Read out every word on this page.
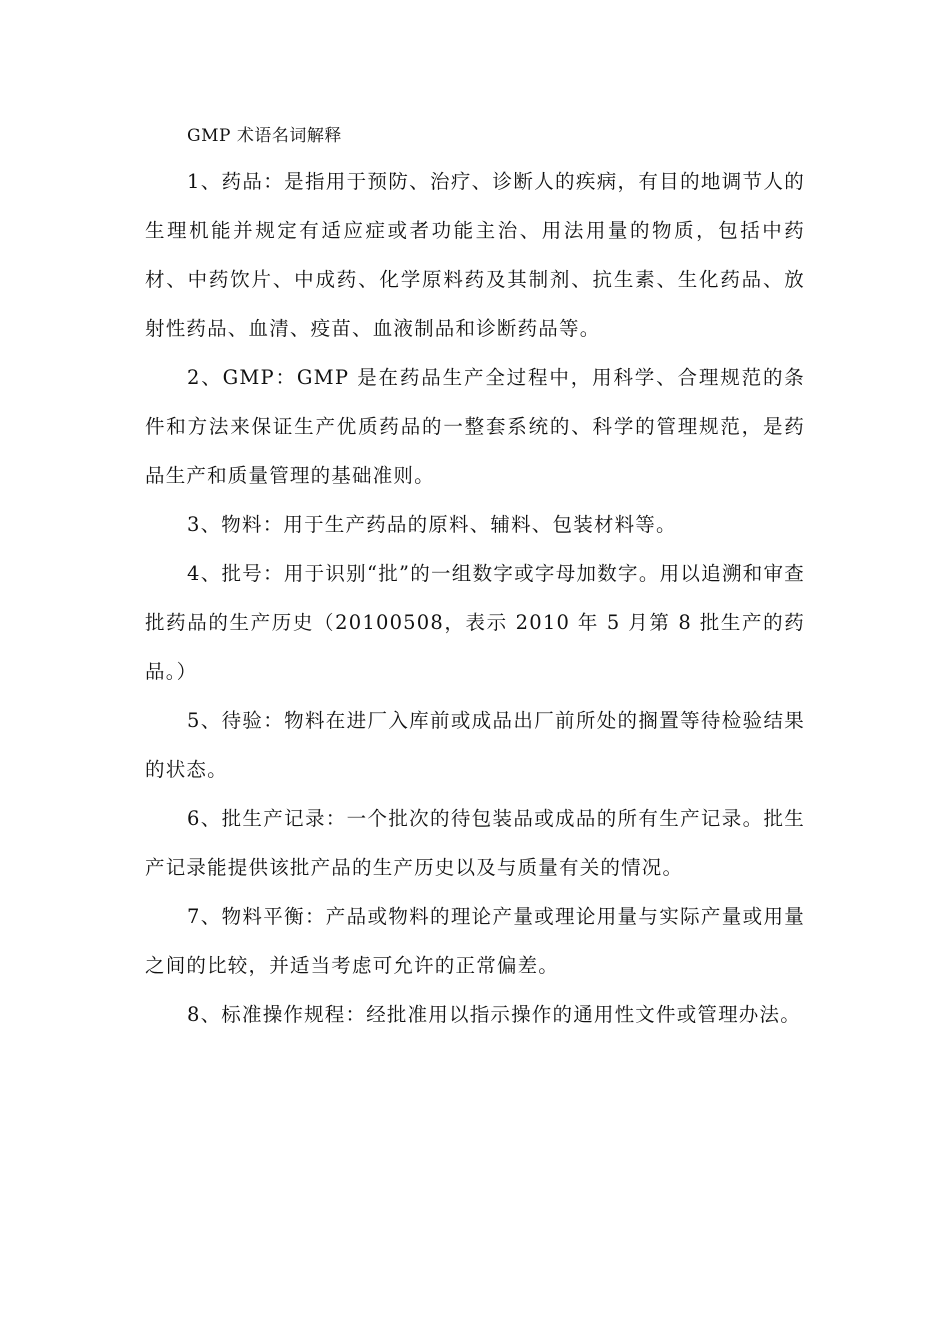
GMP 术语名词解释

1、药品：是指用于预防、治疗、诊断人的疾病，有目的地调节人的生理机能并规定有适应症或者功能主治、用法用量的物质，包括中药材、中药饮片、中成药、化学原料药及其制剂、抗生素、生化药品、放射性药品、血清、疫苗、血液制品和诊断药品等。

2、GMP：GMP 是在药品生产全过程中，用科学、合理规范的条件和方法来保证生产优质药品的一整套系统的、科学的管理规范，是药品生产和质量管理的基础准则。

3、物料：用于生产药品的原料、辅料、包装材料等。

4、批号：用于识别“批”的一组数字或字母加数字。用以追溯和审查批药品的生产历史（20100508，表示 2010 年 5 月第 8 批生产的药品。）

5、待验：物料在进厂入库前或成品出厂前所处的搁置等待检验结果的状态。

6、批生产记录：一个批次的待包装品或成品的所有生产记录。批生产记录能提供该批产品的生产历史以及与质量有关的情况。

7、物料平衡：产品或物料的理论产量或理论用量与实际产量或用量之间的比较，并适当考虑可允许的正常偏差。

8、标准操作规程：经批准用以指示操作的通用性文件或管理办法。
